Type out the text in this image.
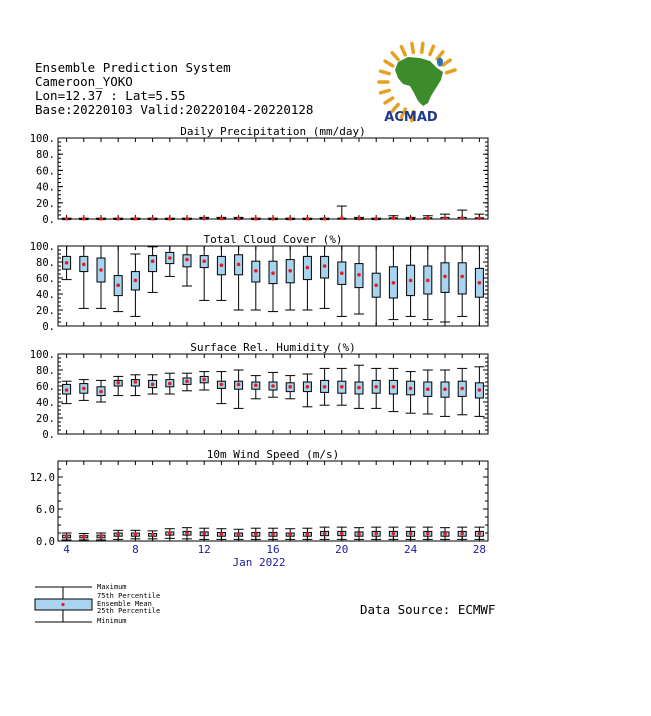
Ensemble Prediction System
Cameroon_YOKO
Lon=12.37 : Lat=5.55
Base:20220103 Valid:20220104-20220128
ACMAD
Daily Precipitation (mm/day)
0.
20.
40.
60.
80.
100.
Total Cloud Cover (%)
0.
20.
40.
60.
80.
100.
Surface Rel. Humidity (%)
0.
20.
40.
60.
80.
100.
10m Wind Speed (m/s)
0.0
6.0
12.0
4	8	12	16	20	24	28
Jan 2022
Maximum
75th Percentile
Ensemble Mean
25th Percentile
Minimum
Data Source: ECMWF
